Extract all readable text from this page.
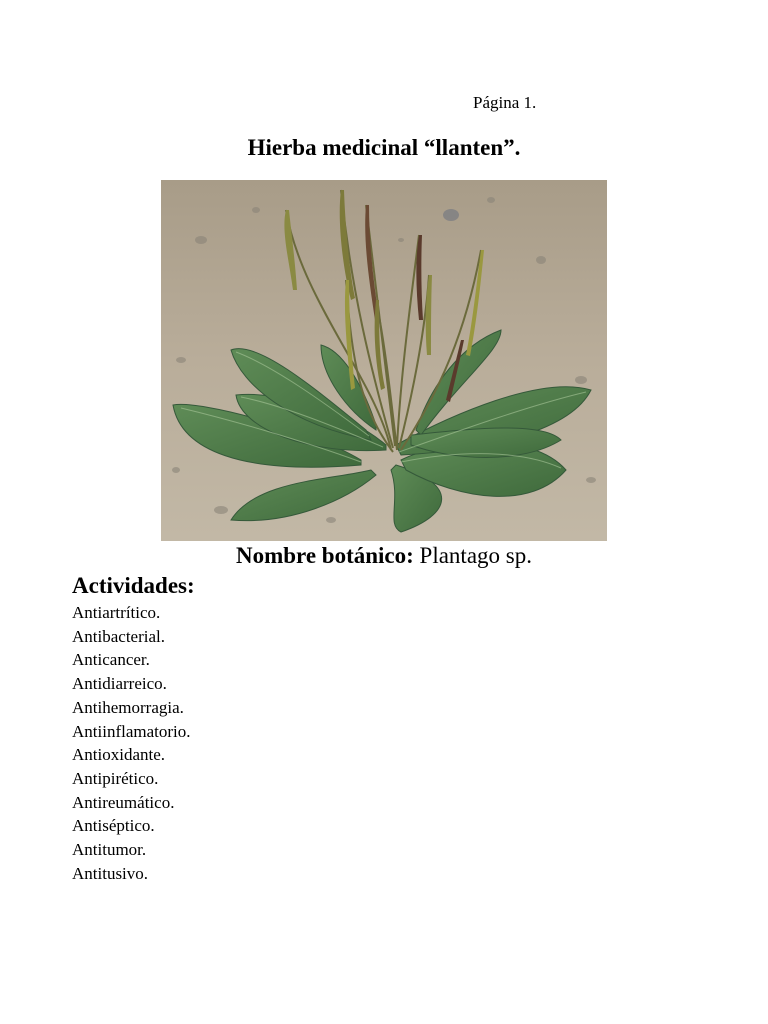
Página 1.
Hierba medicinal “llanten”.
Nombre botánico: Plantago sp.
Actividades:
Antiartrítico.
Antibacterial.
Anticancer.
Antidiarreico.
Antihemorragia.
Antiinflamatorio.
Antioxidante.
Antipirético.
Antireumático.
Antiséptico.
Antitumor.
Antitusivo.
